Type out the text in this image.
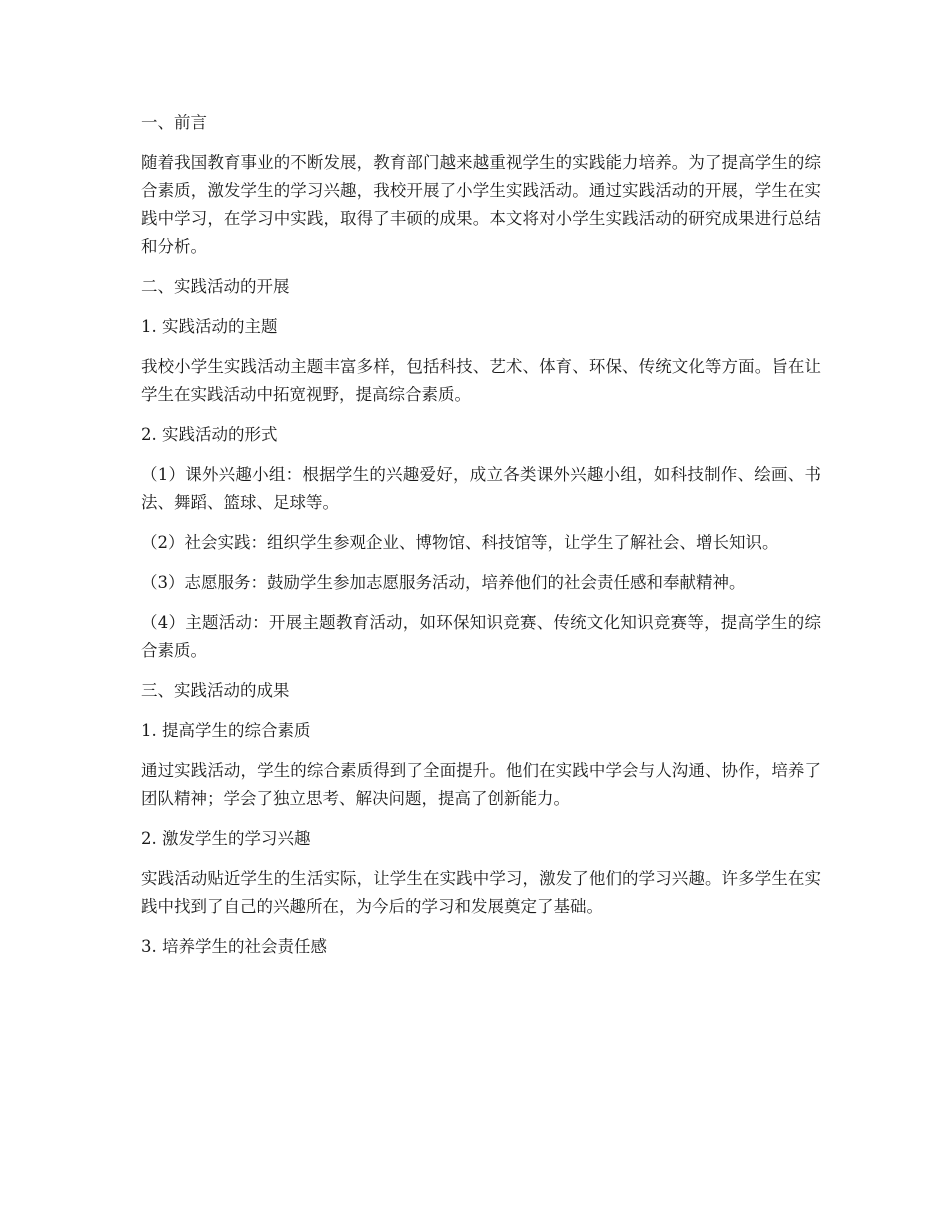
一、前言

随着我国教育事业的不断发展，教育部门越来越重视学生的实践能力培养。为了提高学生的综合素质，激发学生的学习兴趣，我校开展了小学生实践活动。通过实践活动的开展，学生在实践中学习，在学习中实践，取得了丰硕的成果。本文将对小学生实践活动的研究成果进行总结和分析。

二、实践活动的开展

1. 实践活动的主题

我校小学生实践活动主题丰富多样，包括科技、艺术、体育、环保、传统文化等方面。旨在让学生在实践活动中拓宽视野，提高综合素质。

2. 实践活动的形式

（1）课外兴趣小组：根据学生的兴趣爱好，成立各类课外兴趣小组，如科技制作、绘画、书法、舞蹈、篮球、足球等。

（2）社会实践：组织学生参观企业、博物馆、科技馆等，让学生了解社会、增长知识。

（3）志愿服务：鼓励学生参加志愿服务活动，培养他们的社会责任感和奉献精神。

（4）主题活动：开展主题教育活动，如环保知识竞赛、传统文化知识竞赛等，提高学生的综合素质。

三、实践活动的成果

1. 提高学生的综合素质

通过实践活动，学生的综合素质得到了全面提升。他们在实践中学会与人沟通、协作，培养了团队精神；学会了独立思考、解决问题，提高了创新能力。

2. 激发学生的学习兴趣

实践活动贴近学生的生活实际，让学生在实践中学习，激发了他们的学习兴趣。许多学生在实践中找到了自己的兴趣所在，为今后的学习和发展奠定了基础。

3. 培养学生的社会责任感
